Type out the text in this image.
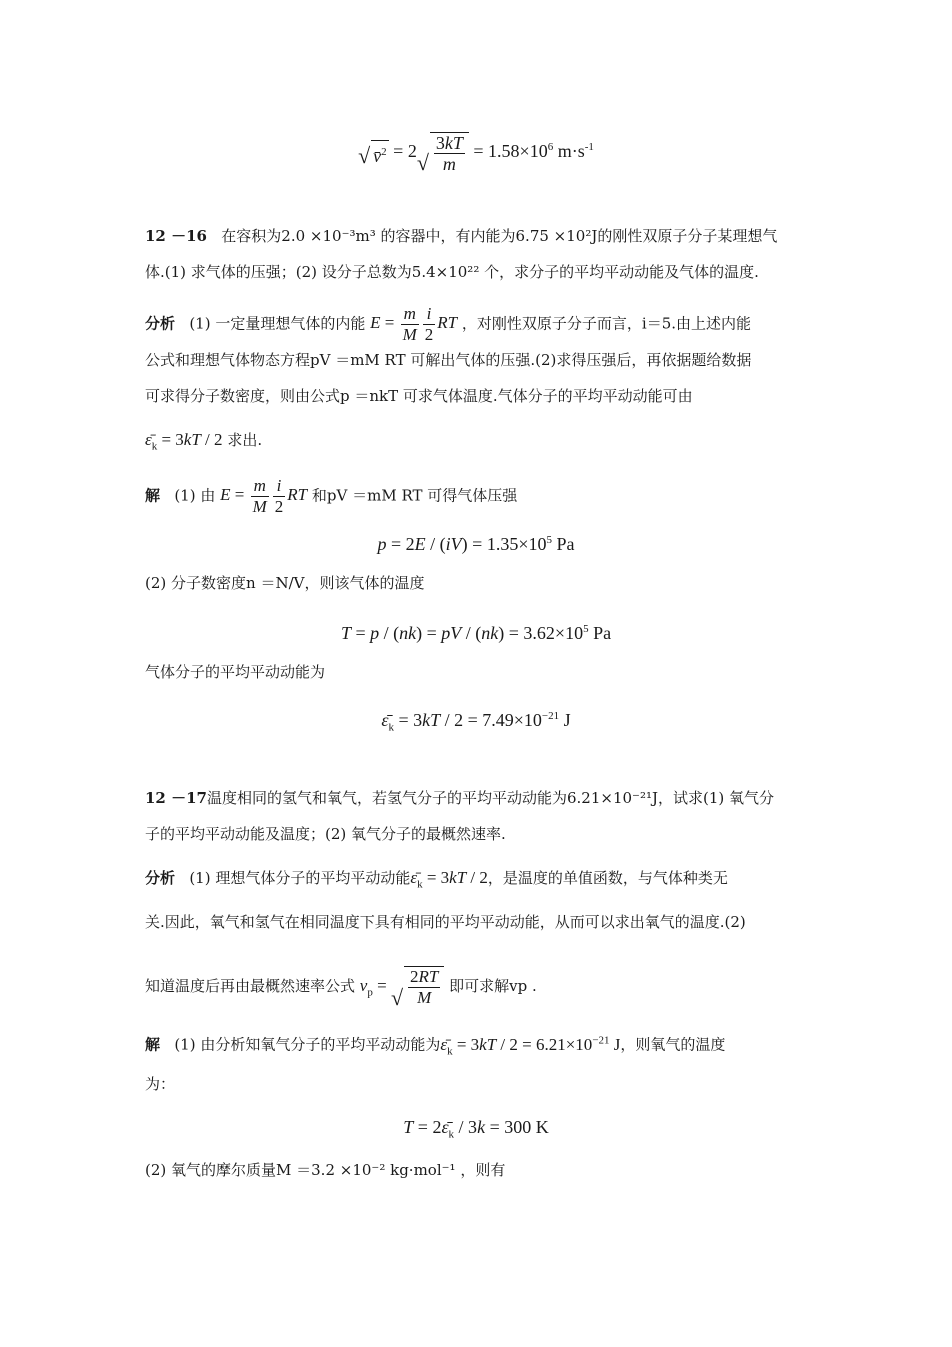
√ v̄$^2$ = $2√ \frac{3kT}{m} = 1.58\times 10^6$ $m\cdot s^{-1}$
12 －16 在容积为2.0 ×10⁻³m³ 的容器中，有内能为6.75 ×10²J的刚性双原子分子某理想气
体.(1) 求气体的压强；(2) 设分子总数为5.4×10²² 个，求分子的平均平动动能及气体的温度.
分析 (1) 一定量理想气体的内能 $E = \frac{m}{M} \frac{i}{2}$ RT ，对刚性双原子分子而言，i＝5.由上述内能
公式和理想气体物态方程pV ＝mM RT 可解出气体的压强.(2)求得压强后，再依据题给数据
可求得分子数密度，则由公式p ＝nkT 可求气体温度.气体分子的平均平动动能可由
$\varepsilon̄_k = 3kT / 2$ 求出.
解 (1) 由 $E = \frac{m}{M} \frac{i}{2}$ RT 和pV ＝mM RT 可得气体压强
$p = 2E / (iV) = 1.35\times 10^5$ Pa
(2) 分子数密度n ＝N/V，则该气体的温度
T = p / (nk) = pV / $(nk) = 3.62\times 10^5$ Pa
气体分子的平均平动动能为
$\varepsilon̄_k = 3kT / 2 = 7.49\times 10^{-21}$ J
12 －17温度相同的氢气和氧气，若氢气分子的平均平动动能为6.21×10⁻²¹J，试求(1) 氧气分
子的平均平动动能及温度；(2) 氧气分子的最概然速率.
分析 (1) 理想气体分子的平均平动动能$\varepsilon̄_k = 3kT / 2$，是温度的单值函数，与气体种类无
关.因此，氧气和氢气在相同温度下具有相同的平均平动动能，从而可以求出氧气的温度.(2)
知道温度后再由最概然速率公式 $v_p$ = √ $\frac{2RT}{M}$ 即可求解vp .
解 (1) 由分析知氧气分子的平均平动动能为$\varepsilon̄_k = 3kT / 2 = 6.21\times 10^{-21}$ J，则氧气的温度
为：
$T = 2\varepsilon̄_k / 3k = 300$ K
(2) 氧气的摩尔质量M ＝3.2 ×10⁻² kg·mol⁻¹ ，则有
